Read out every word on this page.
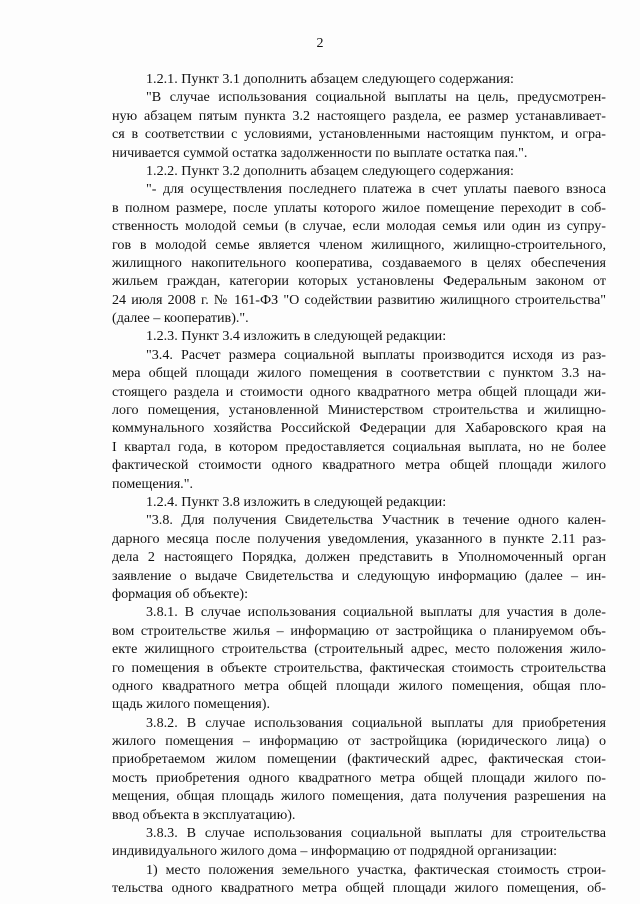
2
1.2.1. Пункт 3.1 дополнить абзацем следующего содержания:
"В случае использования социальной выплаты на цель, предусмотрен-
ную абзацем пятым пункта 3.2 настоящего раздела, ее размер устанавливает-
ся в соответствии с условиями, установленными настоящим пунктом, и огра-
ничивается суммой остатка задолженности по выплате остатка пая.".
1.2.2. Пункт 3.2 дополнить абзацем следующего содержания:
"- для осуществления последнего платежа в счет уплаты паевого взноса
в полном размере, после уплаты которого жилое помещение переходит в соб-
ственность молодой семьи (в случае, если молодая семья или один из супру-
гов в молодой семье является членом жилищного, жилищно-строительного,
жилищного накопительного кооператива, создаваемого в целях обеспечения
жильем граждан, категории которых установлены Федеральным законом от
24 июля 2008 г. № 161-ФЗ "О содействии развитию жилищного строительства"
(далее – кооператив).".
1.2.3. Пункт 3.4 изложить в следующей редакции:
"3.4. Расчет размера социальной выплаты производится исходя из раз-
мера общей площади жилого помещения в соответствии с пунктом 3.3 на-
стоящего раздела и стоимости одного квадратного метра общей площади жи-
лого помещения, установленной Министерством строительства и жилищно-
коммунального хозяйства Российской Федерации для Хабаровского края на
I квартал года, в котором предоставляется социальная выплата, но не более
фактической стоимости одного квадратного метра общей площади жилого
помещения.".
1.2.4. Пункт 3.8 изложить в следующей редакции:
"3.8. Для получения Свидетельства Участник в течение одного кален-
дарного месяца после получения уведомления, указанного в пункте 2.11 раз-
дела 2 настоящего Порядка, должен представить в Уполномоченный орган
заявление о выдаче Свидетельства и следующую информацию (далее – ин-
формация об объекте):
3.8.1. В случае использования социальной выплаты для участия в доле-
вом строительстве жилья – информацию от застройщика о планируемом объ-
екте жилищного строительства (строительный адрес, место положения жило-
го помещения в объекте строительства, фактическая стоимость строительства
одного квадратного метра общей площади жилого помещения, общая пло-
щадь жилого помещения).
3.8.2. В случае использования социальной выплаты для приобретения
жилого помещения – информацию от застройщика (юридического лица) о
приобретаемом жилом помещении (фактический адрес, фактическая стои-
мость приобретения одного квадратного метра общей площади жилого по-
мещения, общая площадь жилого помещения, дата получения разрешения на
ввод объекта в эксплуатацию).
3.8.3. В случае использования социальной выплаты для строительства
индивидуального жилого дома – информацию от подрядной организации:
1) место положения земельного участка, фактическая стоимость строи-
тельства одного квадратного метра общей площади жилого помещения, об-
